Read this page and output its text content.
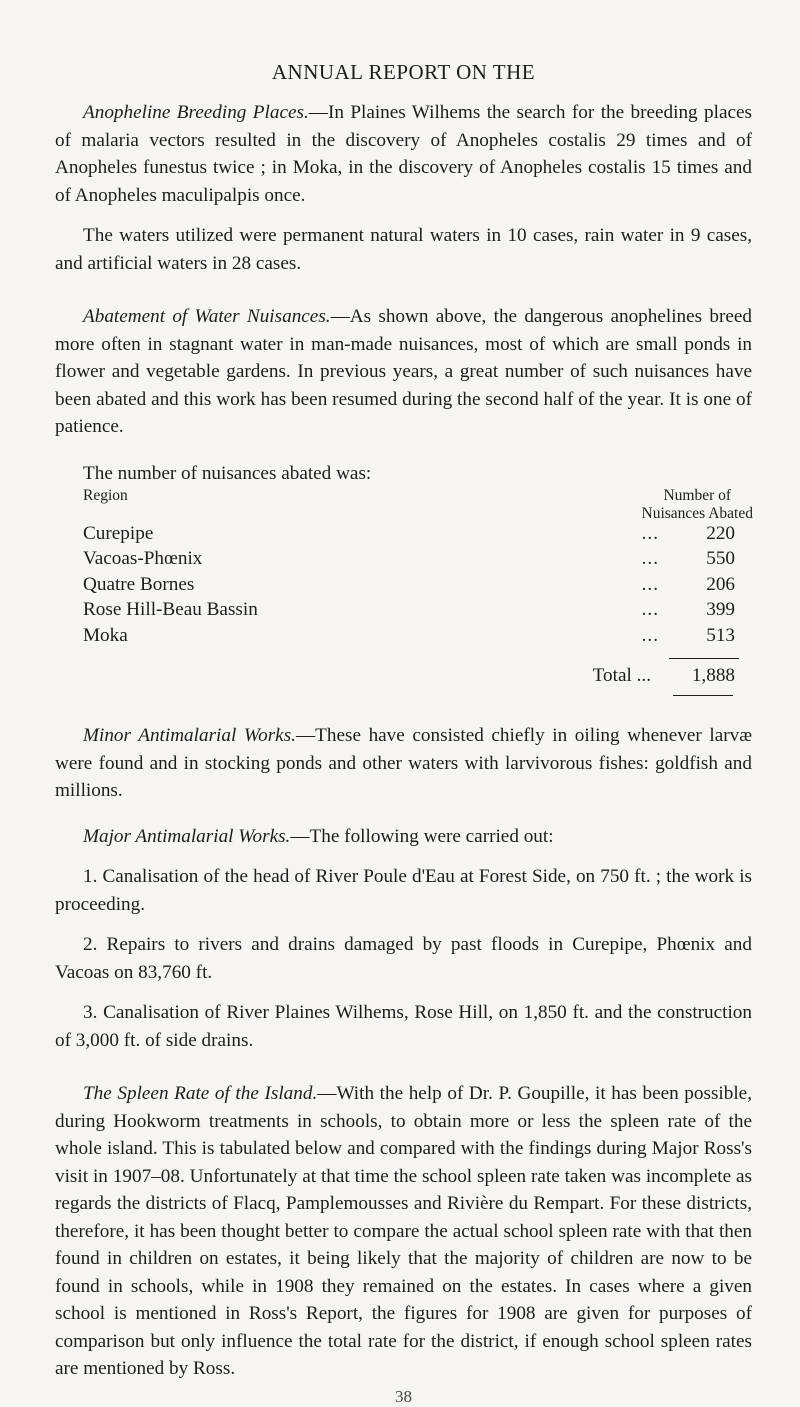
ANNUAL REPORT ON THE

Anopheline Breeding Places.—In Plaines Wilhems the search for the breeding places of malaria vectors resulted in the discovery of Anopheles costalis 29 times and of Anopheles funestus twice ; in Moka, in the discovery of Anopheles costalis 15 times and of Anopheles maculipalpis once.

The waters utilized were permanent natural waters in 10 cases, rain water in 9 cases, and artificial waters in 28 cases.

Abatement of Water Nuisances.—As shown above, the dangerous anophelines breed more often in stagnant water in man-made nuisances, most of which are small ponds in flower and vegetable gardens. In previous years, a great number of such nuisances have been abated and this work has been resumed during the second half of the year. It is one of patience.

The number of nuisances abated was:
Region	Number of
Nuisances Abated
Curepipe	...	220
Vacoas-Phœnix	...	550
Quatre Bornes	...	206
Rose Hill-Beau Bassin	...	399
Moka	...	513
Total ...	1,888

Minor Antimalarial Works.—These have consisted chiefly in oiling whenever larvæ were found and in stocking ponds and other waters with larvivorous fishes: goldfish and millions.

Major Antimalarial Works.—The following were carried out:

1. Canalisation of the head of River Poule d'Eau at Forest Side, on 750 ft. ; the work is proceeding.

2. Repairs to rivers and drains damaged by past floods in Curepipe, Phœnix and Vacoas on 83,760 ft.

3. Canalisation of River Plaines Wilhems, Rose Hill, on 1,850 ft. and the construction of 3,000 ft. of side drains.

The Spleen Rate of the Island.—With the help of Dr. P. Goupille, it has been possible, during Hookworm treatments in schools, to obtain more or less the spleen rate of the whole island. This is tabulated below and compared with the findings during Major Ross's visit in 1907–08. Unfortunately at that time the school spleen rate taken was incomplete as regards the districts of Flacq, Pamplemousses and Rivière du Rempart. For these districts, therefore, it has been thought better to compare the actual school spleen rate with that then found in children on estates, it being likely that the majority of children are now to be found in schools, while in 1908 they remained on the estates. In cases where a given school is mentioned in Ross's Report, the figures for 1908 are given for purposes of comparison but only influence the total rate for the district, if enough school spleen rates are mentioned by Ross.

38
